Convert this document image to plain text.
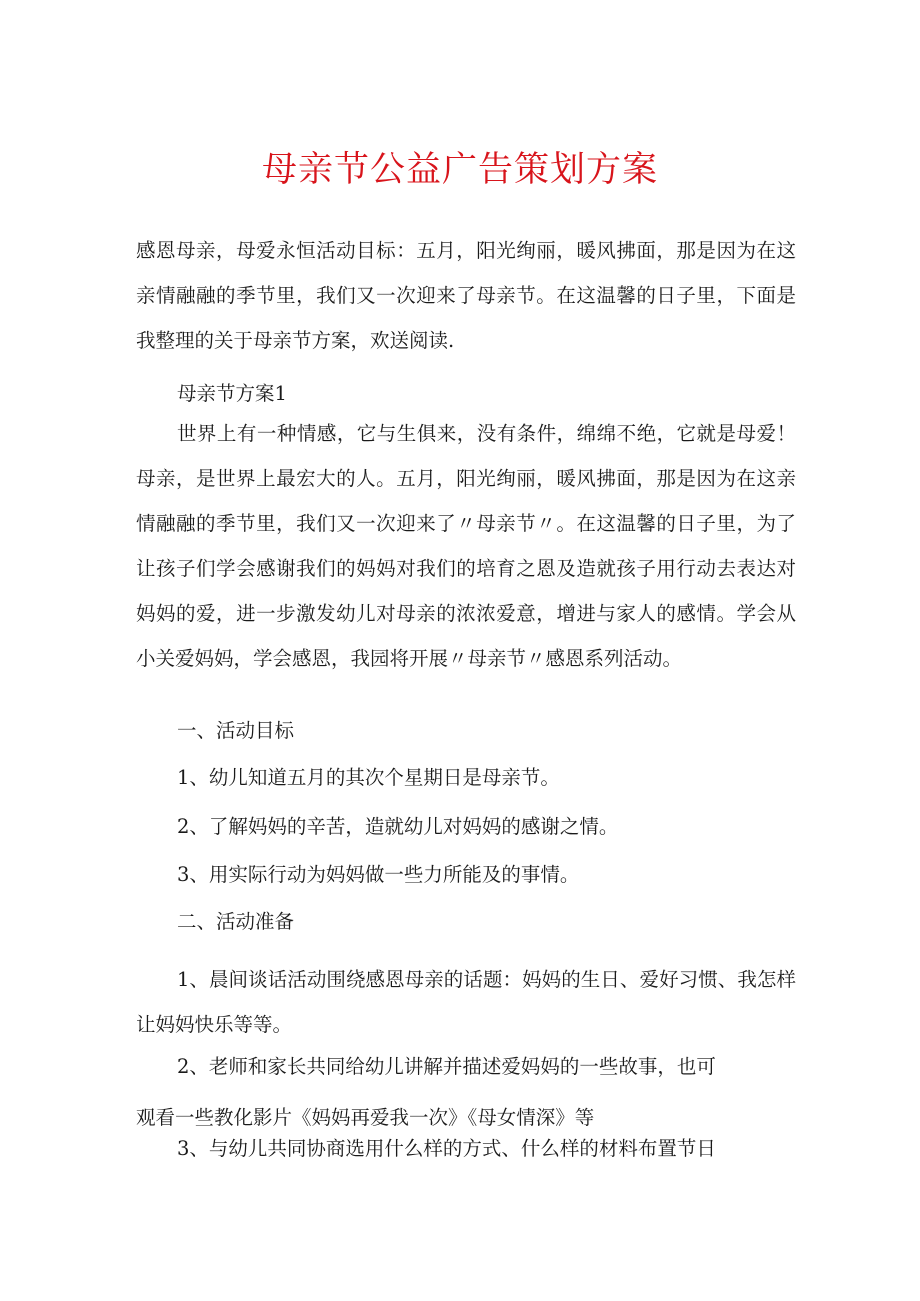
母亲节公益广告策划方案

感恩母亲，母爱永恒活动目标：五月，阳光绚丽，暖风拂面，那是因为在这亲情融融的季节里，我们又一次迎来了母亲节。在这温馨的日子里，下面是我整理的关于母亲节方案，欢送阅读.

母亲节方案1

世界上有一种情感，它与生俱来，没有条件，绵绵不绝，它就是母爱！母亲，是世界上最宏大的人。五月，阳光绚丽，暖风拂面，那是因为在这亲情融融的季节里，我们又一次迎来了〃母亲节〃。在这温馨的日子里，为了让孩子们学会感谢我们的妈妈对我们的培育之恩及造就孩子用行动去表达对妈妈的爱，进一步激发幼儿对母亲的浓浓爱意，增进与家人的感情。学会从小关爱妈妈，学会感恩，我园将开展〃母亲节〃感恩系列活动。

一、活动目标
1、幼儿知道五月的其次个星期日是母亲节。
2、了解妈妈的辛苦，造就幼儿对妈妈的感谢之情。
3、用实际行动为妈妈做一些力所能及的事情。
二、活动准备

1、晨间谈话活动围绕感恩母亲的话题：妈妈的生日、爱好习惯、我怎样让妈妈快乐等等。

2、老师和家长共同给幼儿讲解并描述爱妈妈的一些故事，也可
观看一些教化影片《妈妈再爱我一次》《母女情深》等
3、与幼儿共同协商选用什么样的方式、什么样的材料布置节日
